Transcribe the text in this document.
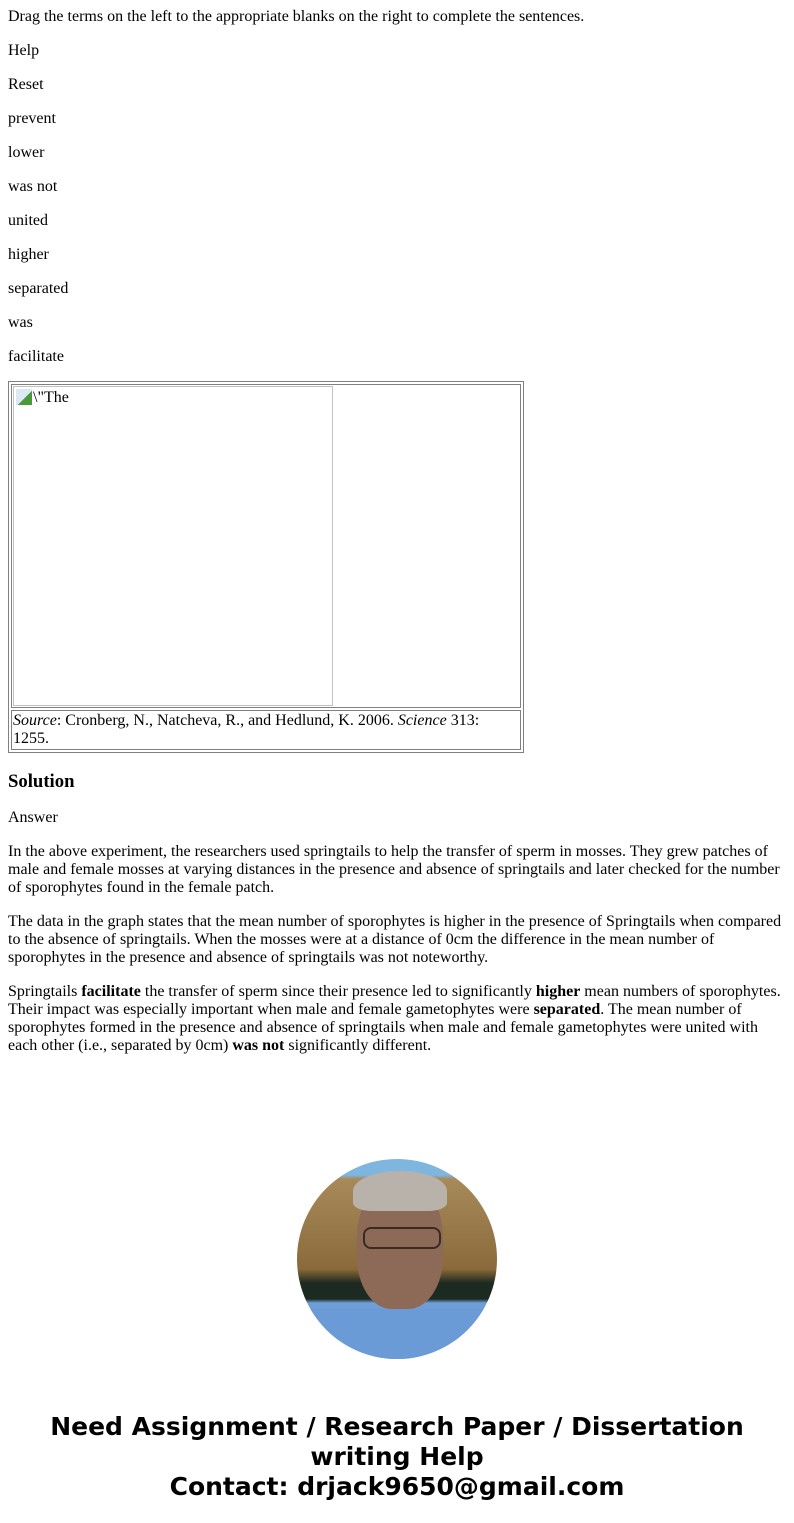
Drag the terms on the left to the appropriate blanks on the right to complete the sentences.

Help

Reset

prevent

lower

was not

united

higher

separated

was

facilitate

\"The

Source: Cronberg, N., Natcheva, R., and Hedlund, K. 2006. Science 313: 1255.
Solution

Answer

In the above experiment, the researchers used springtails to help the transfer of sperm in mosses. They grew patches of male and female mosses at varying distances in the presence and absence of springtails and later checked for the number of sporophytes found in the female patch.

The data in the graph states that the mean number of sporophytes is higher in the presence of Springtails when compared to the absence of springtails. When the mosses were at a distance of 0cm the difference in the mean number of sporophytes in the presence and absence of springtails was not noteworthy.

Springtails facilitate the transfer of sperm since their presence led to significantly higher mean numbers of sporophytes. Their impact was especially important when male and female gametophytes were separated. The mean number of sporophytes formed in the presence and absence of springtails when male and female gametophytes were united with each other (i.e., separated by 0cm) was not significantly different.

Need Assignment / Research Paper / Dissertation writing Help
Contact: drjack9650@gmail.com
